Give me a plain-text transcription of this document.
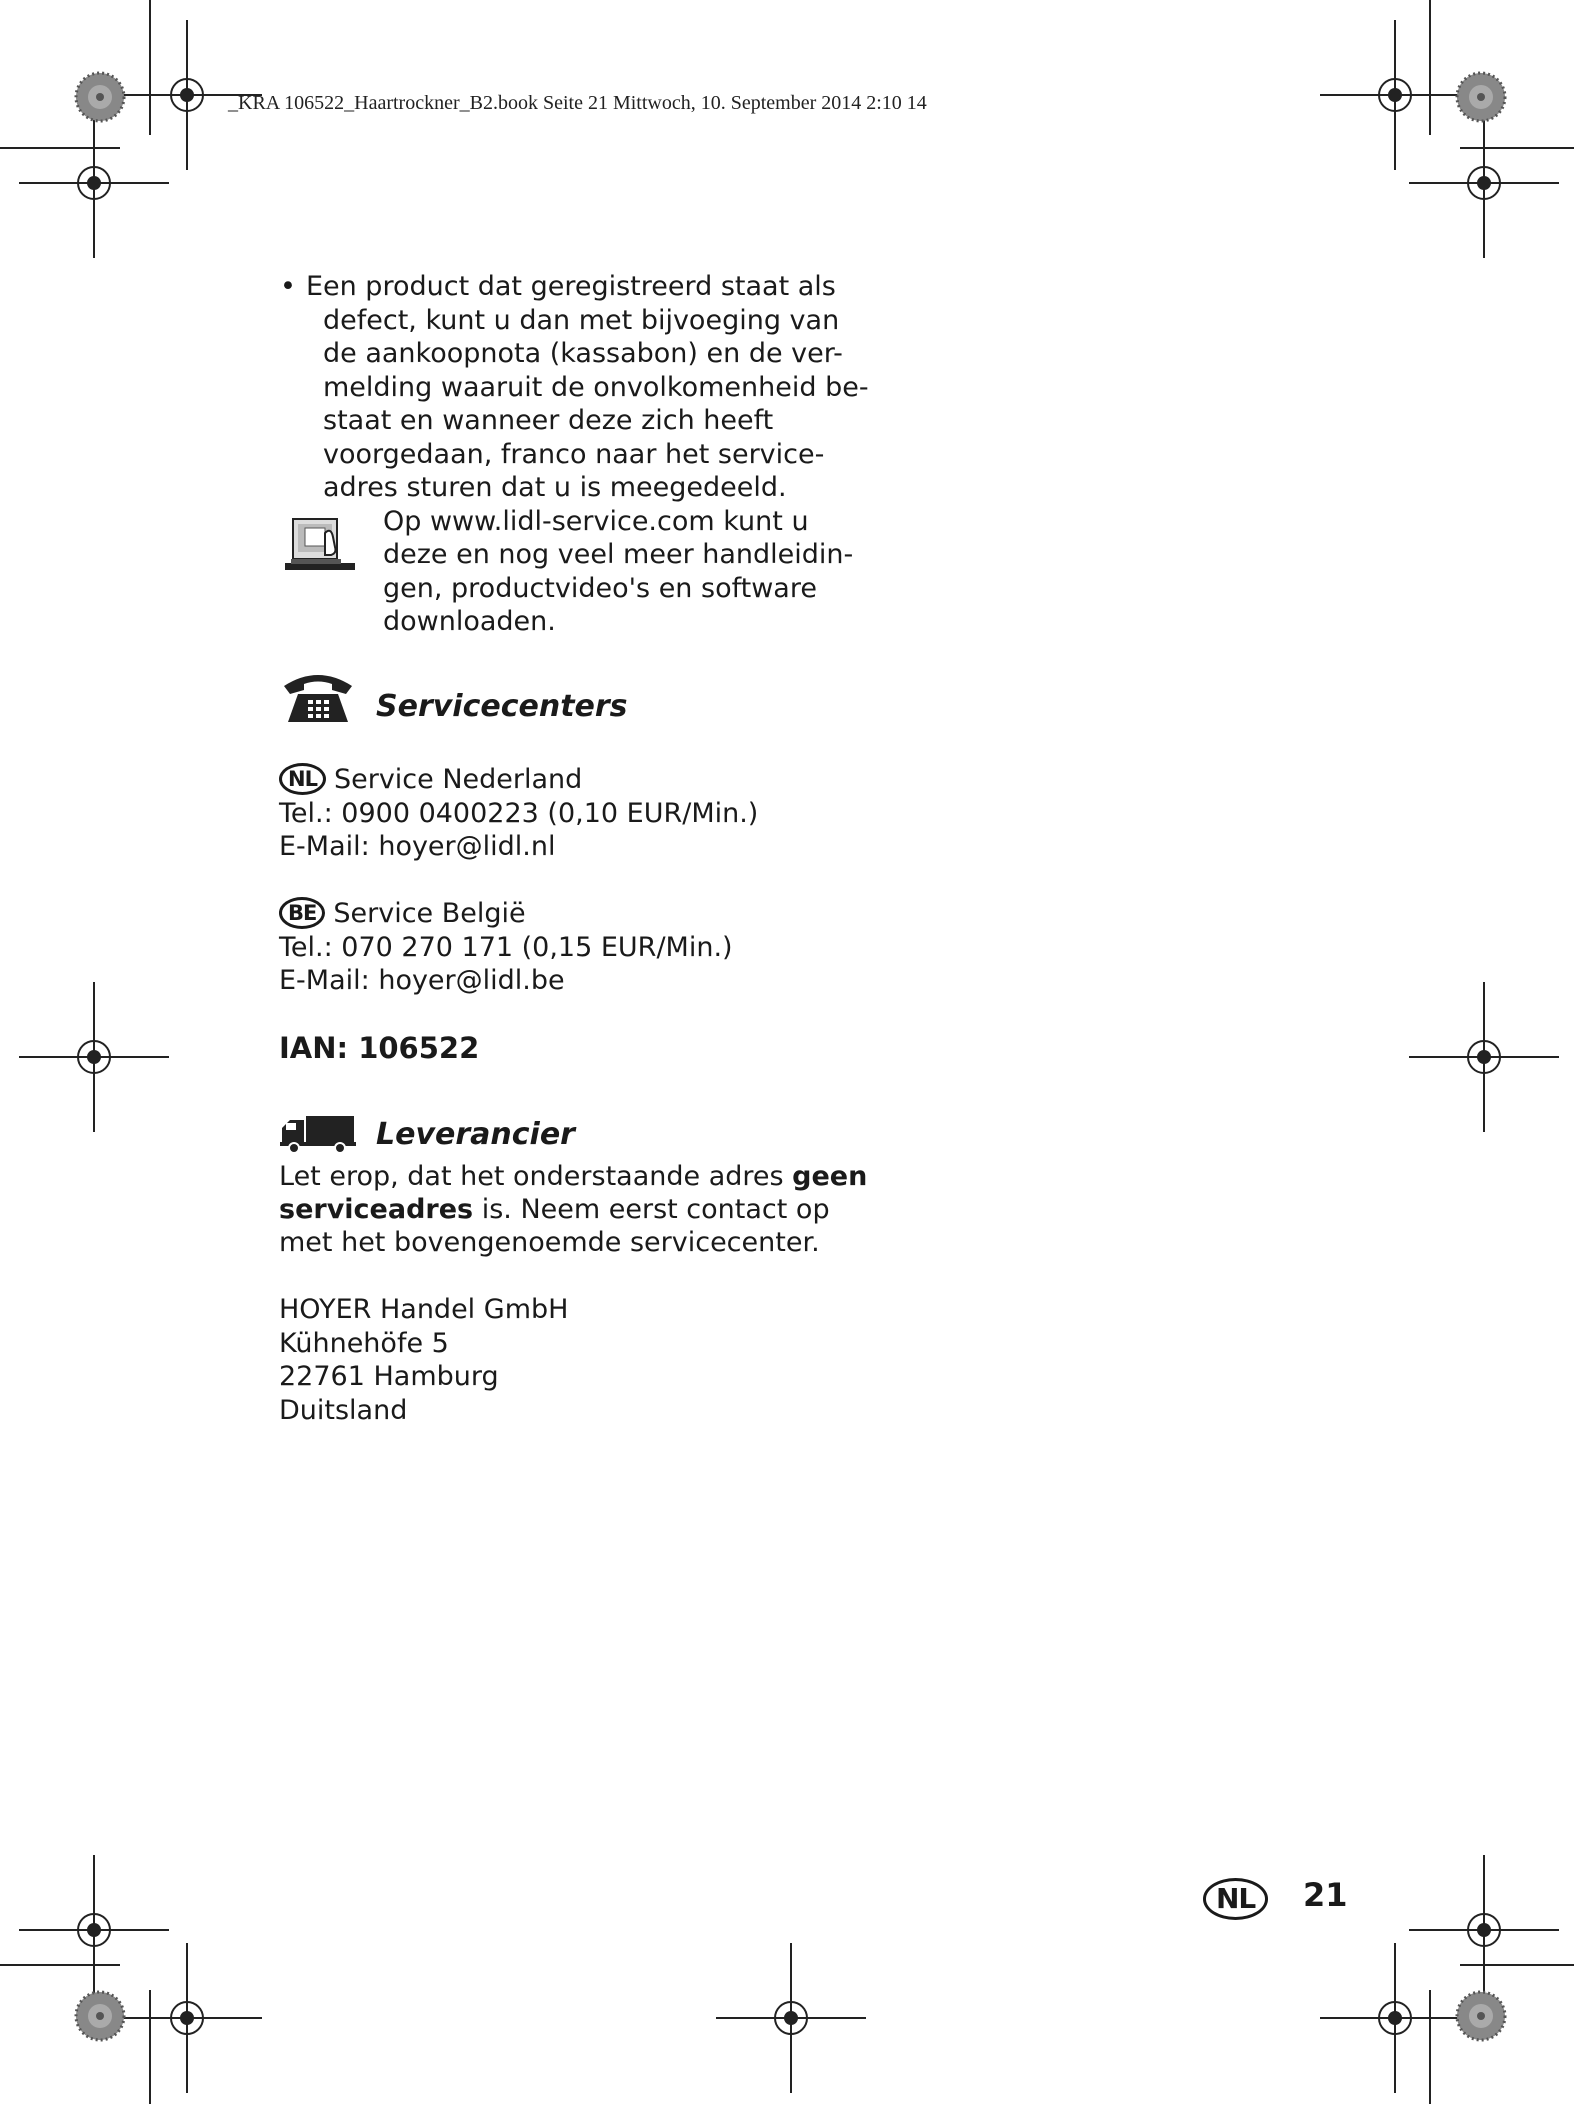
_KRA 106522_Haartrockner_B2.book Seite 21 Mittwoch, 10. September 2014 2:10 14
• Een product dat geregistreerd staat als
defect, kunt u dan met bijvoeging van
de aankoopnota (kassabon) en de ver-
melding waaruit de onvolkomenheid be-
staat en wanneer deze zich heeft
voorgedaan, franco naar het service-
adres sturen dat u is meegedeeld.
Op www.lidl-service.com kunt u
deze en nog veel meer handleidin-
gen, productvideo's en software
downloaden.
Servicecenters
NL Service Nederland
Tel.: 0900 0400223 (0,10 EUR/Min.)
E-Mail: hoyer@lidl.nl
BE Service België
Tel.: 070 270 171 (0,15 EUR/Min.)
E-Mail: hoyer@lidl.be
IAN: 106522
Leverancier
Let erop, dat het onderstaande adres geen
serviceadres is. Neem eerst contact op
met het bovengenoemde servicecenter.
HOYER Handel GmbH
Kühnehöfe 5
22761 Hamburg
Duitsland
NL	21
